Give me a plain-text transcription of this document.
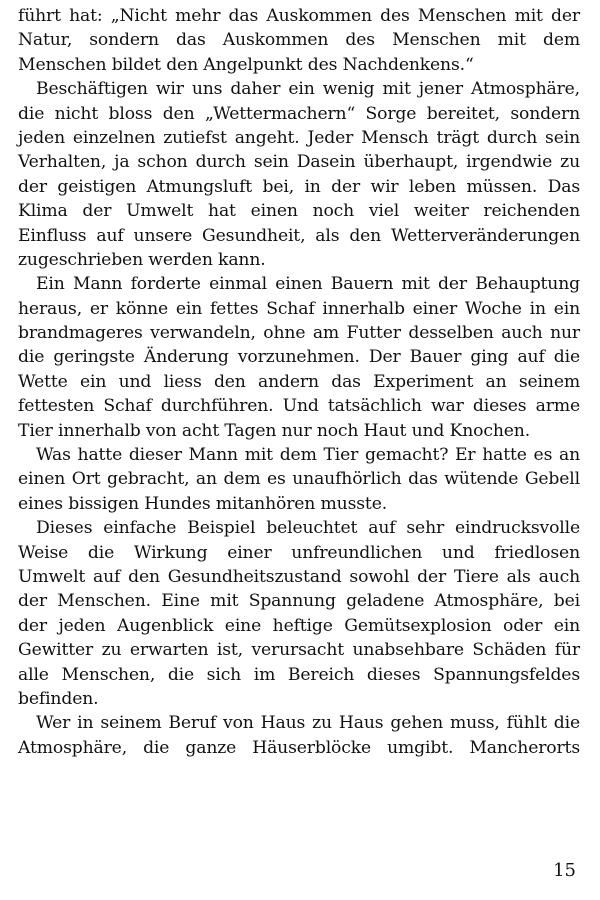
führt hat: „Nicht mehr das Auskommen des Menschen mit der
Natur, sondern das Auskommen des Menschen mit dem
Menschen bildet den Angelpunkt des Nachdenkens.“
Beschäftigen wir uns daher ein wenig mit jener Atmosphäre,
die nicht bloss den „Wettermachern“ Sorge bereitet, sondern
jeden einzelnen zutiefst angeht. Jeder Mensch trägt durch sein
Verhalten, ja schon durch sein Dasein überhaupt, irgendwie zu
der geistigen Atmungsluft bei, in der wir leben müssen. Das
Klima der Umwelt hat einen noch viel weiter reichenden
Einfluss auf unsere Gesundheit, als den Wetterveränderungen
zugeschrieben werden kann.
Ein Mann forderte einmal einen Bauern mit der Behauptung
heraus, er könne ein fettes Schaf innerhalb einer Woche in ein
brandmageres verwandeln, ohne am Futter desselben auch nur
die geringste Änderung vorzunehmen. Der Bauer ging auf die
Wette ein und liess den andern das Experiment an seinem
fettesten Schaf durchführen. Und tatsächlich war dieses arme
Tier innerhalb von acht Tagen nur noch Haut und Knochen.
Was hatte dieser Mann mit dem Tier gemacht? Er hatte es an
einen Ort gebracht, an dem es unaufhörlich das wütende Gebell
eines bissigen Hundes mitanhören musste.
Dieses einfache Beispiel beleuchtet auf sehr eindrucksvolle
Weise die Wirkung einer unfreundlichen und friedlosen
Umwelt auf den Gesundheitszustand sowohl der Tiere als auch
der Menschen. Eine mit Spannung geladene Atmosphäre, bei
der jeden Augenblick eine heftige Gemütsexplosion oder ein
Gewitter zu erwarten ist, verursacht unabsehbare Schäden für
alle Menschen, die sich im Bereich dieses Spannungsfeldes
befinden.
Wer in seinem Beruf von Haus zu Haus gehen muss, fühlt die
Atmosphäre, die ganze Häuserblöcke umgibt. Mancherorts
15
